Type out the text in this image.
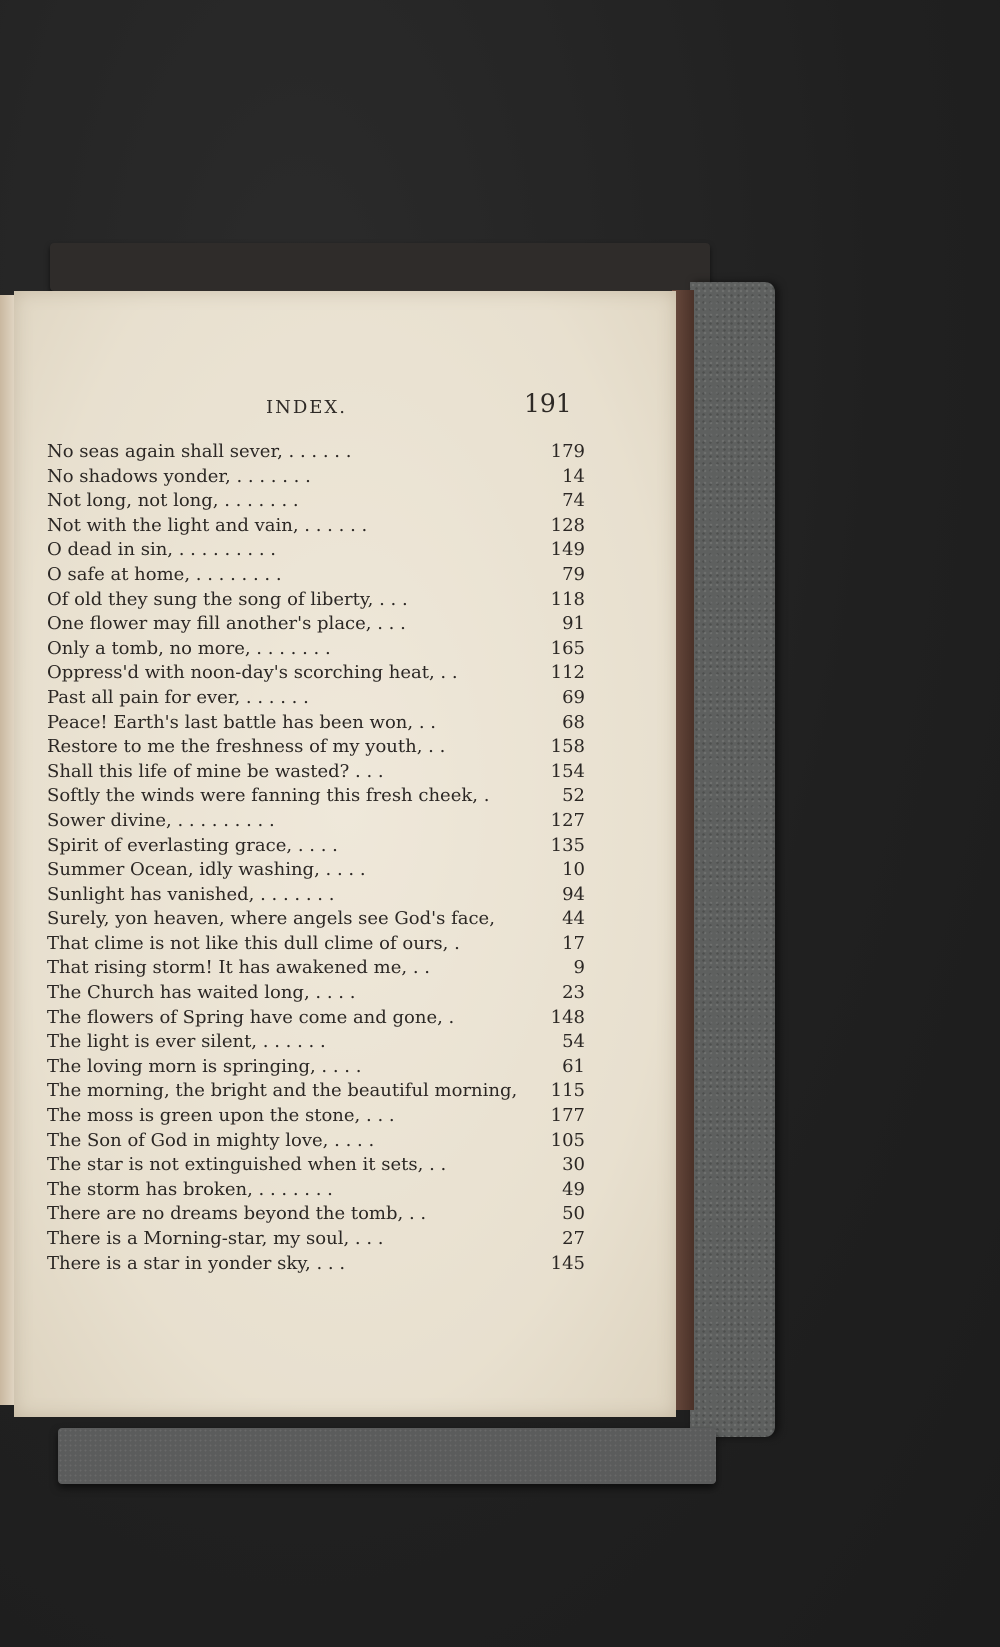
INDEX.	191
No seas again shall sever, . . . . . .	179
No shadows yonder, . . . . . . .	14
Not long, not long, . . . . . . .	74
Not with the light and vain, . . . . . .	128
O dead in sin, . . . . . . . . .	149
O safe at home, . . . . . . . .	79
Of old they sung the song of liberty, . . .	118
One flower may fill another's place, . . .	91
Only a tomb, no more, . . . . . . .	165
Oppress'd with noon-day's scorching heat, . .	112
Past all pain for ever, . . . . . .	69
Peace! Earth's last battle has been won, . .	68
Restore to me the freshness of my youth, . .	158
Shall this life of mine be wasted? . . .	154
Softly the winds were fanning this fresh cheek, .	52
Sower divine, . . . . . . . . .	127
Spirit of everlasting grace, . . . .	135
Summer Ocean, idly washing, . . . .	10
Sunlight has vanished, . . . . . . .	94
Surely, yon heaven, where angels see God's face,	44
That clime is not like this dull clime of ours, .	17
That rising storm! It has awakened me, . .	9
The Church has waited long, . . . .	23
The flowers of Spring have come and gone, .	148
The light is ever silent, . . . . . .	54
The loving morn is springing, . . . .	61
The morning, the bright and the beautiful morning,	115
The moss is green upon the stone, . . .	177
The Son of God in mighty love, . . . .	105
The star is not extinguished when it sets, . .	30
The storm has broken, . . . . . . .	49
There are no dreams beyond the tomb, . .	50
There is a Morning-star, my soul, . . .	27
There is a star in yonder sky, . . .	145
